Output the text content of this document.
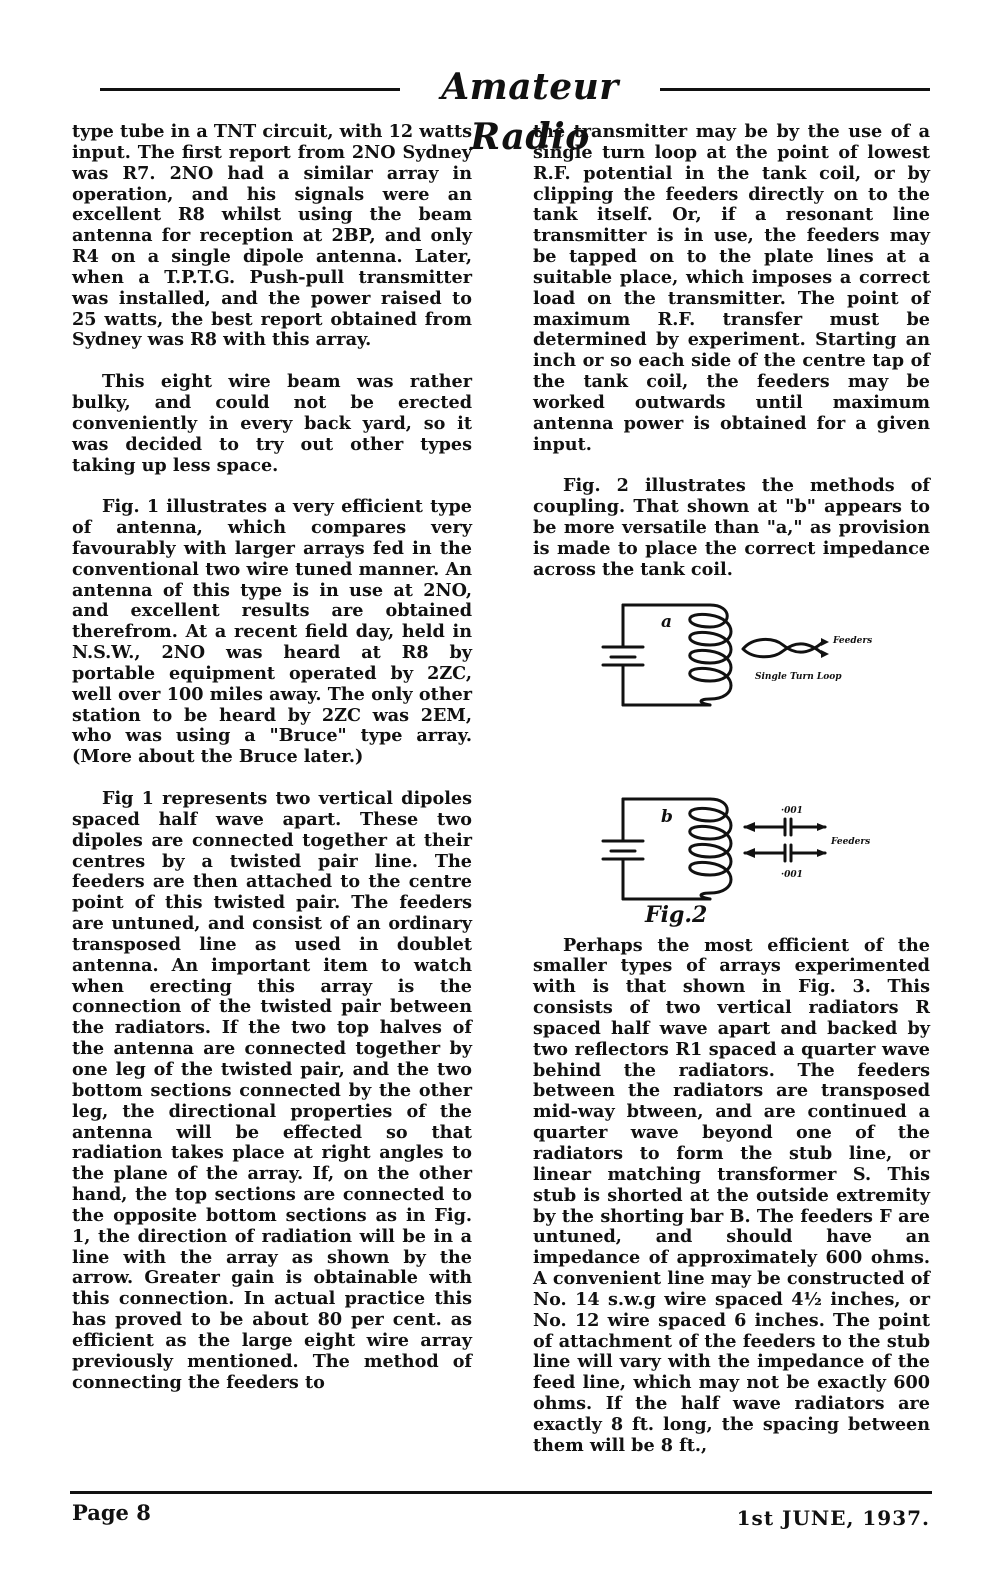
Amateur Radio

type tube in a TNT circuit, with 12 watts input. The first report from 2NO Sydney was R7. 2NO had a similar array in operation, and his signals were an excellent R8 whilst using the beam antenna for reception at 2BP, and only R4 on a single dipole antenna. Later, when a T.P.T.G. Push-pull transmitter was installed, and the power raised to 25 watts, the best report obtained from Sydney was R8 with this array.

This eight wire beam was rather bulky, and could not be erected conveniently in every back yard, so it was decided to try out other types taking up less space.

Fig. 1 illustrates a very efficient type of antenna, which compares very favourably with larger arrays fed in the conventional two wire tuned manner. An antenna of this type is in use at 2NO, and excellent results are obtained therefrom. At a recent field day, held in N.S.W., 2NO was heard at R8 by portable equipment operated by 2ZC, well over 100 miles away. The only other station to be heard by 2ZC was 2EM, who was using a "Bruce" type array. (More about the Bruce later.)

Fig 1 represents two vertical dipoles spaced half wave apart. These two dipoles are connected together at their centres by a twisted pair line. The feeders are then attached to the centre point of this twisted pair. The feeders are untuned, and consist of an ordinary transposed line as used in doublet antenna. An important item to watch when erecting this array is the connection of the twisted pair between the radiators. If the two top halves of the antenna are connected together by one leg of the twisted pair, and the two bottom sections connected by the other leg, the directional properties of the antenna will be effected so that radiation takes place at right angles to the plane of the array. If, on the other hand, the top sections are connected to the opposite bottom sections as in Fig. 1, the direction of radiation will be in a line with the array as shown by the arrow. Greater gain is obtainable with this connection. In actual practice this has proved to be about 80 per cent. as efficient as the large eight wire array previously mentioned. The method of connecting the feeders to

the transmitter may be by the use of a single turn loop at the point of lowest R.F. potential in the tank coil, or by clipping the feeders directly on to the tank itself. Or, if a resonant line transmitter is in use, the feeders may be tapped on to the plate lines at a suitable place, which imposes a correct load on the transmitter. The point of maximum R.F. transfer must be determined by experiment. Starting an inch or so each side of the centre tap of the tank coil, the feeders may be worked outwards until maximum antenna power is obtained for a given input.

Fig. 2 illustrates the methods of coupling. That shown at "b" appears to be more versatile than "a," as provision is made to place the correct impedance across the tank coil.

a
Feeders
Single Turn Loop
b	·001
·001
Feeders
Fig.2

Perhaps the most efficient of the smaller types of arrays experimented with is that shown in Fig. 3. This consists of two vertical radiators R spaced half wave apart and backed by two reflectors R1 spaced a quarter wave behind the radiators. The feeders between the radiators are transposed mid-way btween, and are continued a quarter wave beyond one of the radiators to form the stub line, or linear matching transformer S. This stub is shorted at the outside extremity by the shorting bar B. The feeders F are untuned, and should have an impedance of approximately 600 ohms. A convenient line may be constructed of No. 14 s.w.g wire spaced 4½ inches, or No. 12 wire spaced 6 inches. The point of attachment of the feeders to the stub line will vary with the impedance of the feed line, which may not be exactly 600 ohms. If the half wave radiators are exactly 8 ft. long, the spacing between them will be 8 ft.,

Page 8	1st JUNE, 1937.
